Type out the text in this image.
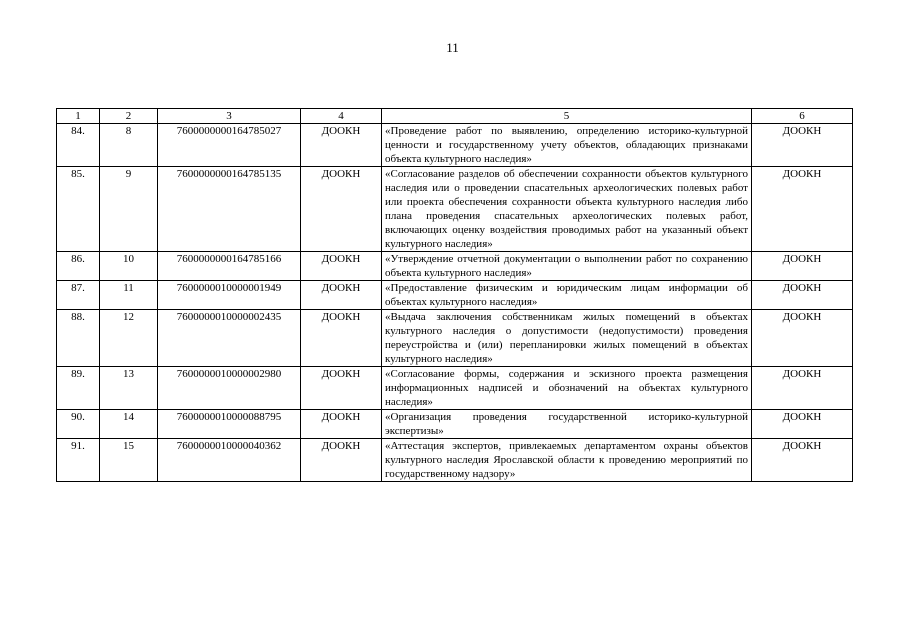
11
1	2	3	4	5	6
84.	8	7600000000164785027	ДООКН	«Проведение работ по выявлению, определению историко-культурной ценности и государственному учету объектов, обладающих признаками объекта культурного наследия»	ДООКН
85.	9	7600000000164785135	ДООКН	«Согласование разделов об обеспечении сохранности объектов культурного наследия или о проведении спасательных археологических полевых работ или проекта обеспечения сохранности объекта культурного наследия либо плана проведения спасательных археологических полевых работ, включающих оценку воздействия проводимых работ на указанный объект культурного наследия»	ДООКН
86.	10	7600000000164785166	ДООКН	«Утверждение отчетной документации о выполнении работ по сохранению объекта культурного наследия»	ДООКН
87.	11	7600000010000001949	ДООКН	«Предоставление физическим и юридическим лицам информации об объектах культурного наследия»	ДООКН
88.	12	7600000010000002435	ДООКН	«Выдача заключения собственникам жилых помещений в объектах культурного наследия о допустимости (недопустимости) проведения переустройства и (или) перепланировки жилых помещений в объектах культурного наследия»	ДООКН
89.	13	7600000010000002980	ДООКН	«Согласование формы, содержания и эскизного проекта размещения информационных надписей и обозначений на объектах культурного наследия»	ДООКН
90.	14	7600000010000088795	ДООКН	«Организация проведения государственной историко-культурной экспертизы»	ДООКН
91.	15	7600000010000040362	ДООКН	«Аттестация экспертов, привлекаемых департаментом охраны объектов культурного наследия Ярославской области к проведению мероприятий по государственному надзору»	ДООКН
